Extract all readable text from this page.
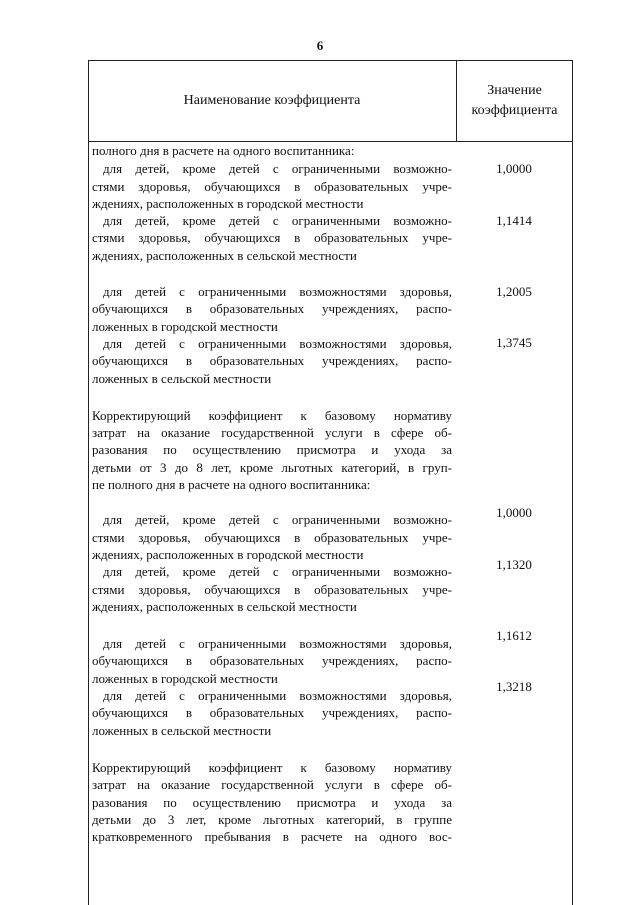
6
Наименование коэффициента
Значение
коэффициента
полного дня в расчете на одного воспитанника:
для детей, кроме детей с ограниченными возможно-
стями здоровья, обучающихся в образовательных учре-
ждениях, расположенных в городской местности
для детей, кроме детей с ограниченными возможно-
стями здоровья, обучающихся в образовательных учре-
ждениях, расположенных в сельской местности
для детей с ограниченными возможностями здоровья,
обучающихся в образовательных учреждениях, распо-
ложенных в городской местности
для детей с ограниченными возможностями здоровья,
обучающихся в образовательных учреждениях, распо-
ложенных в сельской местности
Корректирующий коэффициент к базовому нормативу
затрат на оказание государственной услуги в сфере об-
разования по осуществлению присмотра и ухода за
детьми от 3 до 8 лет, кроме льготных категорий, в груп-
пе полного дня в расчете на одного воспитанника:
для детей, кроме детей с ограниченными возможно-
стями здоровья, обучающихся в образовательных учре-
ждениях, расположенных в городской местности
для детей, кроме детей с ограниченными возможно-
стями здоровья, обучающихся в образовательных учре-
ждениях, расположенных в сельской местности
для детей с ограниченными возможностями здоровья,
обучающихся в образовательных учреждениях, распо-
ложенных в городской местности
для детей с ограниченными возможностями здоровья,
обучающихся в образовательных учреждениях, распо-
ложенных в сельской местности
Корректирующий коэффициент к базовому нормативу
затрат на оказание государственной услуги в сфере об-
разования по осуществлению присмотра и ухода за
детьми до 3 лет, кроме льготных категорий, в группе
кратковременного пребывания в расчете на одного вос-
1,0000
1,1414
1,2005
1,3745
1,0000
1,1320
1,1612
1,3218
